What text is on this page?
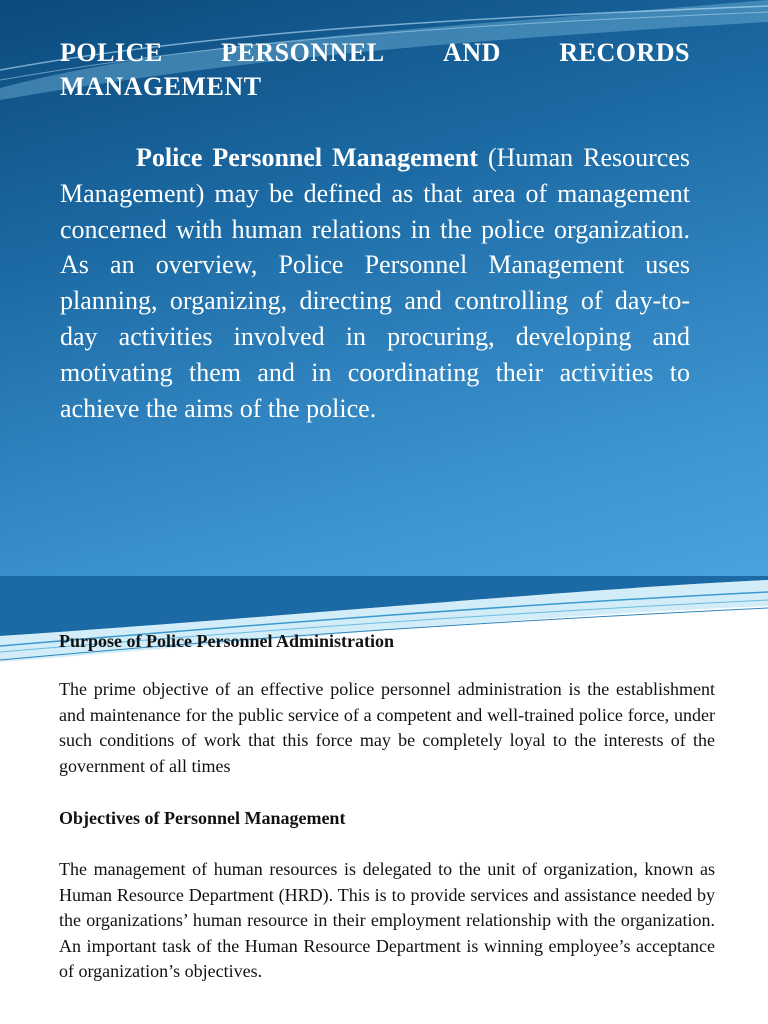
POLICE PERSONNEL AND RECORDS
MANAGEMENT

Police Personnel Management (Human Resources Management) may be defined as that area of management concerned with human relations in the police organization. As an overview, Police Personnel Management uses planning, organizing, directing and controlling of day-to-day activities involved in procuring, developing and motivating them and in coordinating their activities to achieve the aims of the police.

Purpose of Police Personnel Administration

The prime objective of an effective police personnel administration is the establishment and maintenance for the public service of a competent and well-trained police force, under such conditions of work that this force may be completely loyal to the interests of the government of all times

Objectives of Personnel Management

The management of human resources is delegated to the unit of organization, known as Human Resource Department (HRD). This is to provide services and assistance needed by the organizations’ human resource in their employment relationship with the organization. An important task of the Human Resource Department is winning employee’s acceptance of organization’s objectives.
